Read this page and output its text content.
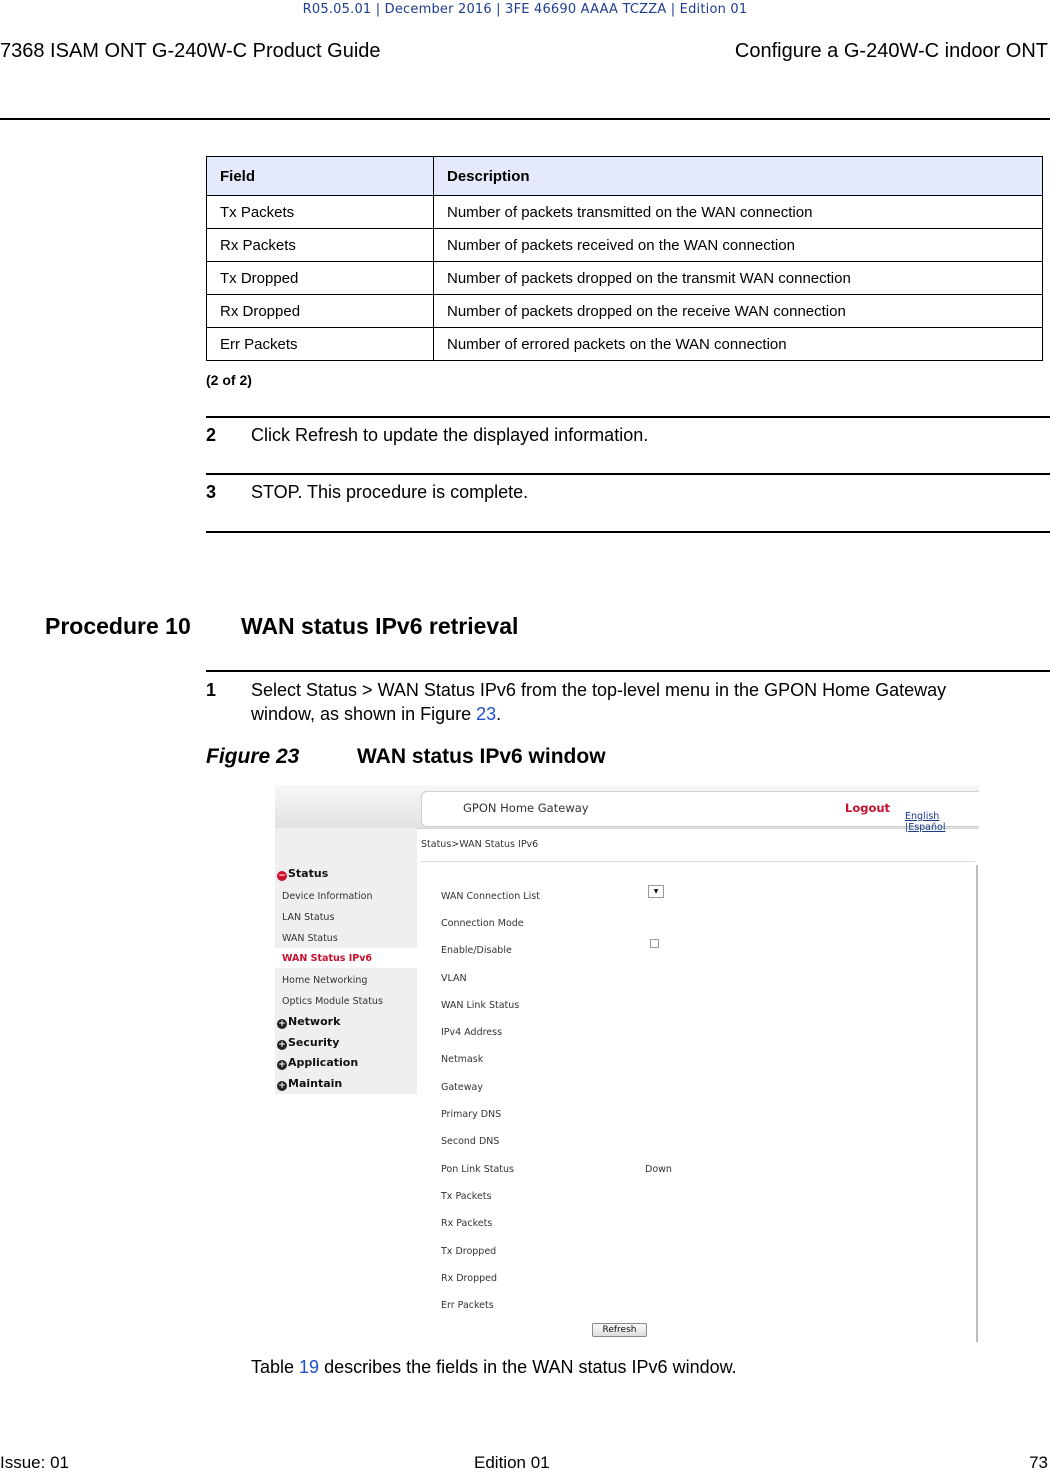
R05.05.01 | December 2016 | 3FE 46690 AAAA TCZZA | Edition 01
7368 ISAM ONT G-240W-C Product Guide	Configure a G-240W-C indoor ONT
Field	Description
Tx Packets	Number of packets transmitted on the WAN connection
Rx Packets	Number of packets received on the WAN connection
Tx Dropped	Number of packets dropped on the transmit WAN connection
Rx Dropped	Number of packets dropped on the receive WAN connection
Err Packets	Number of errored packets on the WAN connection
(2 of 2)
2 Click Refresh to update the displayed information.
3 STOP. This procedure is complete.
Procedure 10 WAN status IPv6 retrieval
1 Select Status > WAN Status IPv6 from the top-level menu in the GPON Home Gateway
window, as shown in Figure 23.
Figure 23	WAN status IPv6 window
GPON Home Gateway	Logout
English |Español
− Status
Device Information
LAN Status
WAN Status
WAN Status IPv6
Home Networking
Optics Module Status
+ Network
+ Security
+ Application
+ Maintain
Status>WAN Status IPv6
WAN Connection List	▼
Connection Mode
Enable/Disable
VLAN
WAN Link Status
IPv4 Address
Netmask
Gateway
Primary DNS
Second DNS
Pon Link Status	Down
Tx Packets
Rx Packets
Tx Dropped
Rx Dropped
Err Packets
Refresh
Table 19 describes the fields in the WAN status IPv6 window.
Issue: 01	Edition 01	73
